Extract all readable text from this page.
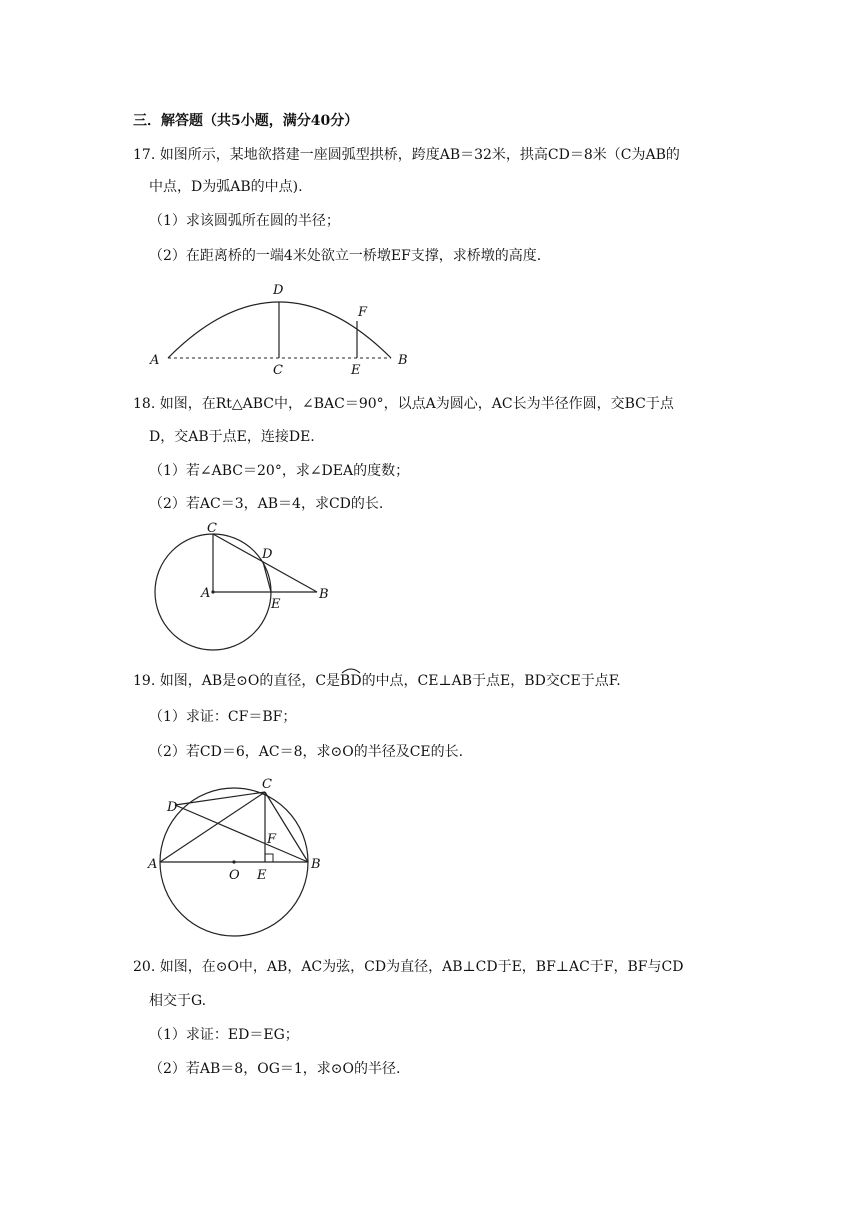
三．解答题（共5小题，满分40分）
17. 如图所示，某地欲搭建一座圆弧型拱桥，跨度AB＝32米，拱高CD＝8米（C为AB的
中点，D为弧AB的中点).
（1）求该圆弧所在圆的半径；
（2）在距离桥的一端4米处欲立一桥墩EF支撑，求桥墩的高度.
A	B
C
D
E
F
18. 如图，在Rt△ABC中，∠BAC＝90°，以点A为圆心，AC长为半径作圆，交BC于点
D，交AB于点E，连接DE.
（1）若∠ABC＝20°，求∠DEA的度数；
（2）若AC＝3，AB＝4，求CD的长.
A	B
C
D
E
19. 如图，AB是⊙O的直径，C是
BD的中点，CE⊥AB于点E，BD交CE于点F.
（1）求证：CF＝BF；
（2）若CD＝6，AC＝8，求⊙O的半径及CE的长.
A	B
C
D
E
F
O
20. 如图，在⊙O中，AB，AC为弦，CD为直径，AB⊥CD于E，BF⊥AC于F，BF与CD
相交于G.
（1）求证：ED＝EG；
（2）若AB＝8，OG＝1，求⊙O的半径.
